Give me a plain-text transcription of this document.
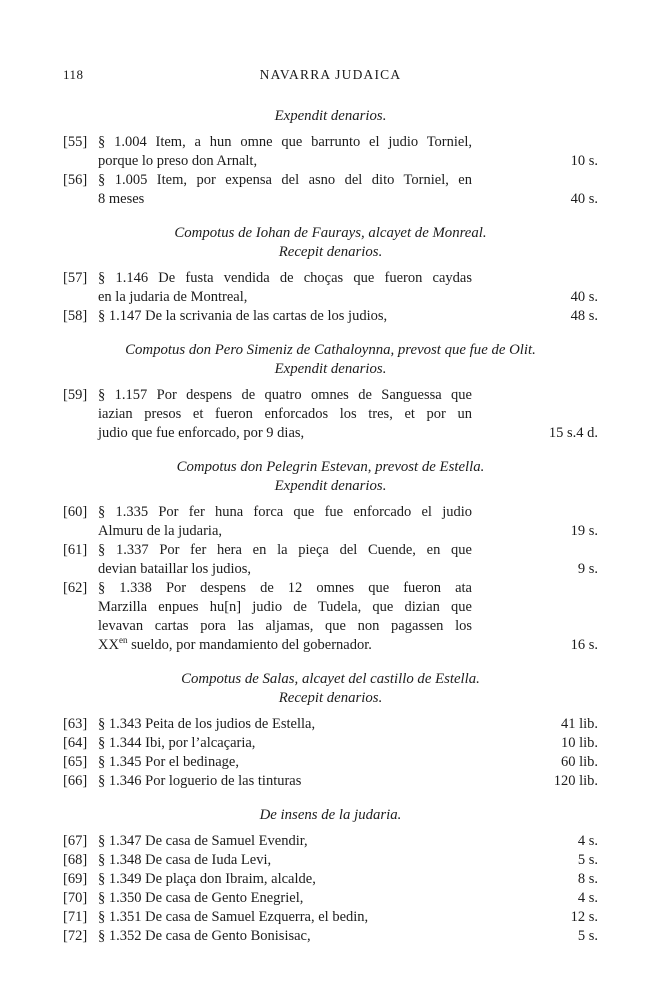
118	NAVARRA JUDAICA
Expendit denarios.
[55] § 1.004 Item, a hun omne que barrunto el judio Torniel,
porque lo preso don Arnalt,	10 s.
[56] § 1.005 Item, por expensa del asno del dito Torniel, en
8 meses	40 s.
Compotus de Iohan de Faurays, alcayet de Monreal.
Recepit denarios.
[57] § 1.146 De fusta vendida de choças que fueron caydas
en la judaria de Montreal,	40 s.
[58] § 1.147 De la scrivania de las cartas de los judios,	48 s.
Compotus don Pero Simeniz de Cathaloynna, prevost que fue de Olit.
Expendit denarios.
[59] § 1.157 Por despens de quatro omnes de Sanguessa que
iazian presos et fueron enforcados los tres, et por un
judio que fue enforcado, por 9 dias,	15 s.4 d.
Compotus don Pelegrin Estevan, prevost de Estella.
Expendit denarios.
[60] § 1.335 Por fer huna forca que fue enforcado el judio
Almuru de la judaria,	19 s.
[61] § 1.337 Por fer hera en la pieça del Cuende, en que
devian bataillar los judios,	9 s.
[62] § 1.338 Por despens de 12 omnes que fueron ata
Marzilla enpues hu[n] judio de Tudela, que dizian que
levavan cartas pora las aljamas, que non pagassen los
$XX^{en}$ sueldo, por mandamiento del gobernador.	16 s.
Compotus de Salas, alcayet del castillo de Estella.
Recepit denarios.
[63] § 1.343 Peita de los judios de Estella,	41 lib.
[64] § 1.344 Ibi, por l’alcaçaria,	10 lib.
[65] § 1.345 Por el bedinage,	60 lib.
[66] § 1.346 Por loguerio de las tinturas	120 lib.
De insens de la judaria.
[67] § 1.347 De casa de Samuel Evendir,	4 s.
[68] § 1.348 De casa de Iuda Levi,	5 s.
[69] § 1.349 De plaça don Ibraim, alcalde,	8 s.
[70] § 1.350 De casa de Gento Enegriel,	4 s.
[71] § 1.351 De casa de Samuel Ezquerra, el bedin,	12 s.
[72] § 1.352 De casa de Gento Bonisisac,	5 s.
